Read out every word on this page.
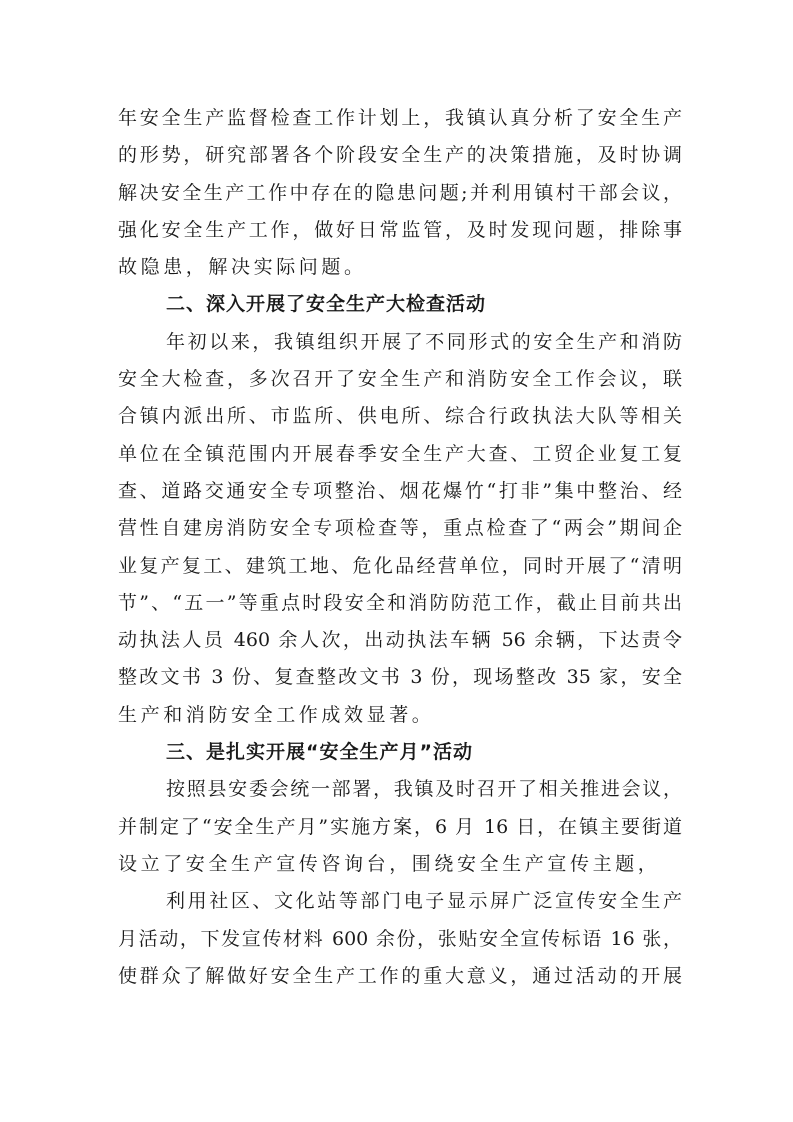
年安全生产监督检查工作计划上，我镇认真分析了安全生产
的形势，研究部署各个阶段安全生产的决策措施，及时协调
解决安全生产工作中存在的隐患问题;并利用镇村干部会议，
强化安全生产工作，做好日常监管，及时发现问题，排除事
故隐患，解决实际问题。
二、深入开展了安全生产大检查活动
年初以来，我镇组织开展了不同形式的安全生产和消防
安全大检查，多次召开了安全生产和消防安全工作会议，联
合镇内派出所、市监所、供电所、综合行政执法大队等相关
单位在全镇范围内开展春季安全生产大查、工贸企业复工复
查、道路交通安全专项整治、烟花爆竹“打非”集中整治、经
营性自建房消防安全专项检查等，重点检查了“两会”期间企
业复产复工、建筑工地、危化品经营单位，同时开展了“清明
节”、“五一”等重点时段安全和消防防范工作，截止目前共出
动执法人员 460 余人次，出动执法车辆 56 余辆，下达责令
整改文书 3 份、复查整改文书 3 份，现场整改 35 家，安全
生产和消防安全工作成效显著。
三、是扎实开展“安全生产月”活动
按照县安委会统一部署，我镇及时召开了相关推进会议，
并制定了“安全生产月”实施方案，6 月 16 日，在镇主要街道
设立了安全生产宣传咨询台，围绕安全生产宣传主题，
利用社区、文化站等部门电子显示屏广泛宣传安全生产
月活动，下发宣传材料 600 余份，张贴安全宣传标语 16 张，
使群众了解做好安全生产工作的重大意义，通过活动的开展
